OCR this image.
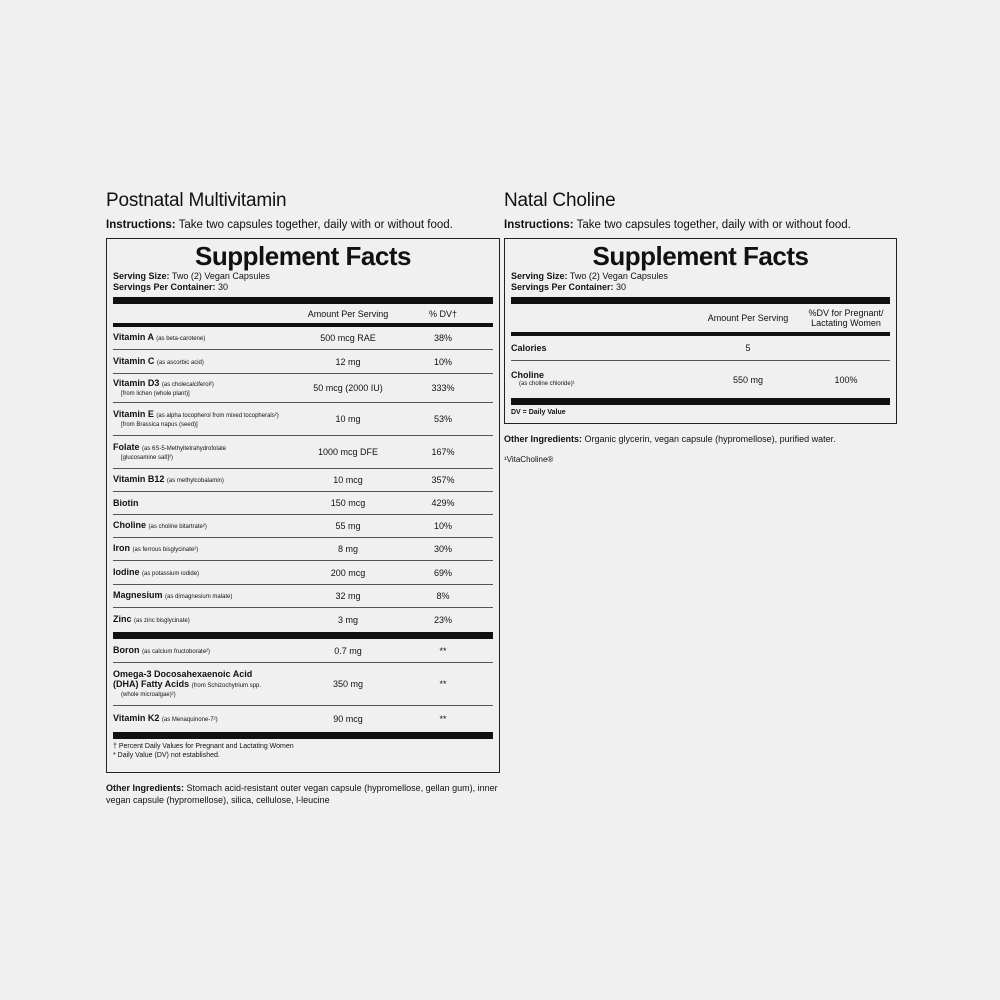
Postnatal Multivitamin

Instructions: Take two capsules together, daily with or without food.

Supplement Facts
Serving Size: Two (2) Vegan Capsules
Servings Per Container: 30
Amount Per Serving	% DV†
Vitamin A (as beta-carotene)	500 mcg RAE	38%
Vitamin C (as ascorbic acid)	12 mg	10%
Vitamin D3 (as cholecalciferol²)
[from lichen (whole plant)]
50 mcg (2000 IU)	333%
Vitamin E (as alpha tocopherol from mixed tocopherals²)
[from Brassica napus (seed)]
10 mg	53%
Folate (as 6S-5-Methyltetrahydrofolate
[glucosamine salt]²)
1000 mcg DFE	167%
Vitamin B12 (as methylcobalamin)	10 mcg	357%
Biotin	150 mcg	429%
Choline (as choline bitartrate²)	55 mg	10%
Iron (as ferrous bisglycinate²)	8 mg	30%
Iodine (as potassium iodide)	200 mcg	69%
Magnesium (as dimagnesium malate)	32 mg	8%
Zinc (as zinc bisglycinate)	3 mg	23%
Boron (as calcium fructoborate²)	0.7 mg	**
Omega-3 Docosahexaenoic Acid
(DHA) Fatty Acids (from Schizochytrium spp.
(whole microalgae)²)
350 mg	**
Vitamin K2 (as Menaquinone-7²)	90 mcg	**
† Percent Daily Values for Pregnant and Lactating Women
* Daily Value (DV) not established.
Other Ingredients: Stomach acid-resistant outer vegan capsule (hypromellose, gellan gum), inner vegan capsule (hypromellose), silica, cellulose, l-leucine
Natal Choline

Instructions: Take two capsules together, daily with or without food.

Supplement Facts
Serving Size: Two (2) Vegan Capsules
Servings Per Container: 30
Amount Per Serving	%DV for Pregnant/ Lactating Women
Calories	5
Choline
(as choline chloride)¹	550 mg	100%
DV = Daily Value
Other Ingredients: Organic glycerin, vegan capsule (hypromellose), purified water.
¹VitaCholine®
